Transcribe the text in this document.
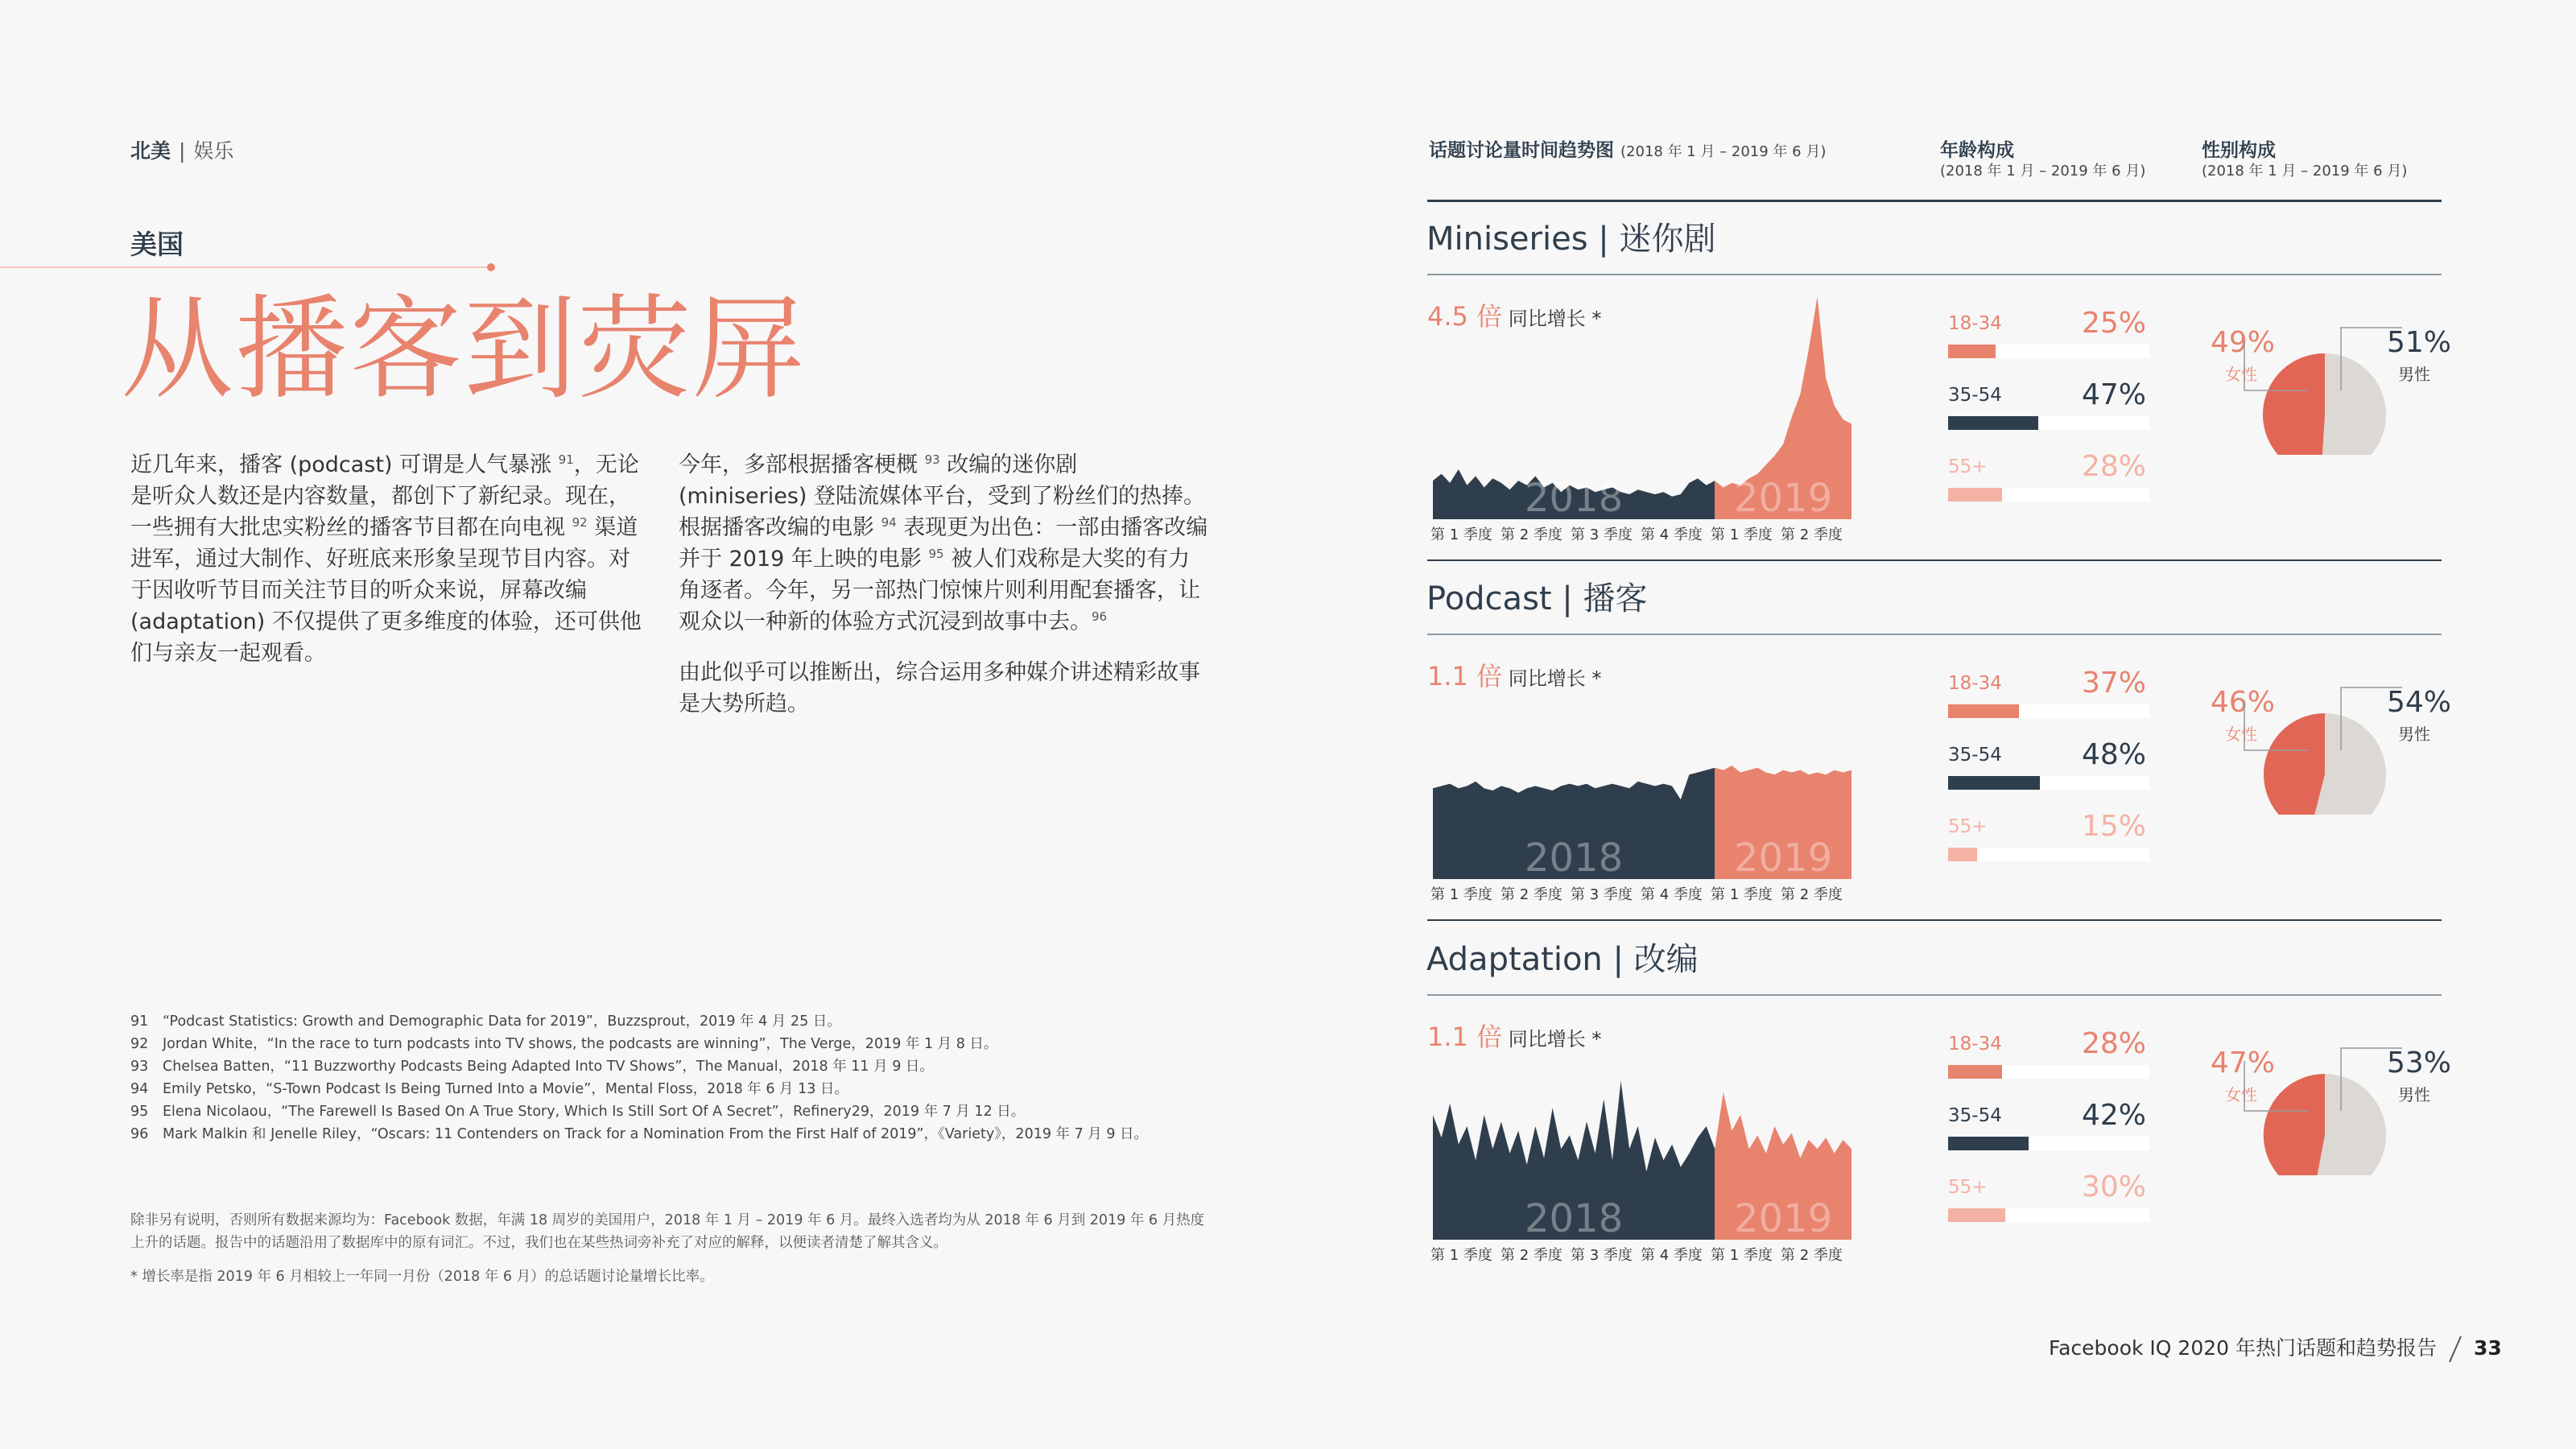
北美 | 娱乐
美国
从播客到荧屏

近几年来，播客 (podcast) 可谓是人气暴涨 $^{91}$，无论是听众人数还是内容数量，都创下了新纪录。现在，一些拥有大批忠实粉丝的播客节目都在向电视 $^{92}$ 渠道进军，通过大制作、好班底来形象呈现节目内容。对于因收听节目而关注节目的听众来说，屏幕改编 (adaptation) 不仅提供了更多维度的体验，还可供他们与亲友一起观看。

今年，多部根据播客梗概 $^{93}$ 改编的迷你剧 (miniseries) 登陆流媒体平台，受到了粉丝们的热捧。根据播客改编的电影 $^{94}$ 表现更为出色：一部由播客改编并于 2019 年上映的电影 $^{95}$ 被人们戏称是大奖的有力角逐者。今年，另一部热门惊悚片则利用配套播客，让观众以一种新的体验方式沉浸到故事中去。$^{96}$

由此似乎可以推断出，综合运用多种媒介讲述精彩故事是大势所趋。

91 “Podcast Statistics: Growth and Demographic Data for 2019”，Buzzsprout，2019 年 4 月 25 日。
92 Jordan White，“In the race to turn podcasts into TV shows, the podcasts are winning”，The Verge，2019 年 1 月 8 日。
93 Chelsea Batten，“11 Buzzworthy Podcasts Being Adapted Into TV Shows”，The Manual，2018 年 11 月 9 日。
94 Emily Petsko，“S-Town Podcast Is Being Turned Into a Movie”，Mental Floss，2018 年 6 月 13 日。
95 Elena Nicolaou，“The Farewell Is Based On A True Story, Which Is Still Sort Of A Secret”，Refinery29，2019 年 7 月 12 日。
96 Mark Malkin 和 Jenelle Riley，“Oscars: 11 Contenders on Track for a Nomination From the First Half of 2019”，《Variety》，2019 年 7 月 9 日。
除非另有说明，否则所有数据来源均为：Facebook 数据，年满 18 周岁的美国用户，2018 年 1 月 – 2019 年 6 月。最终入选者均为从 2018 年 6 月到 2019 年 6 月热度上升的话题。报告中的话题沿用了数据库中的原有词汇。不过，我们也在某些热词旁补充了对应的解释，以便读者清楚了解其含义。
* 增长率是指 2019 年 6 月相较上一年同一月份（2018 年 6 月）的总话题讨论量增长比率。
话题讨论量时间趋势图 (2018 年 1 月 – 2019 年 6 月)	年龄构成
(2018 年 1 月 – 2019 年 6 月)
性别构成
(2018 年 1 月 – 2019 年 6 月)
Miniseries | 迷你剧
4.5 倍 同比增长 *
2018	2019
第 1 季度 第 2 季度 第 3 季度 第 4 季度 第 1 季度 第 2 季度
18-34	25%
35-54	47%
55+	28%
49%
女性
51%
男性
Podcast | 播客
1.1 倍 同比增长 *
2018	2019
第 1 季度 第 2 季度 第 3 季度 第 4 季度 第 1 季度 第 2 季度
18-34	37%
35-54	48%
55+	15%
46%
女性
54%
男性
Adaptation | 改编
1.1 倍 同比增长 *
2018	2019
第 1 季度 第 2 季度 第 3 季度 第 4 季度 第 1 季度 第 2 季度
18-34	28%
35-54	42%
55+	30%
47%
女性
53%
男性
Facebook IQ 2020 年热门话题和趋势报告 33
